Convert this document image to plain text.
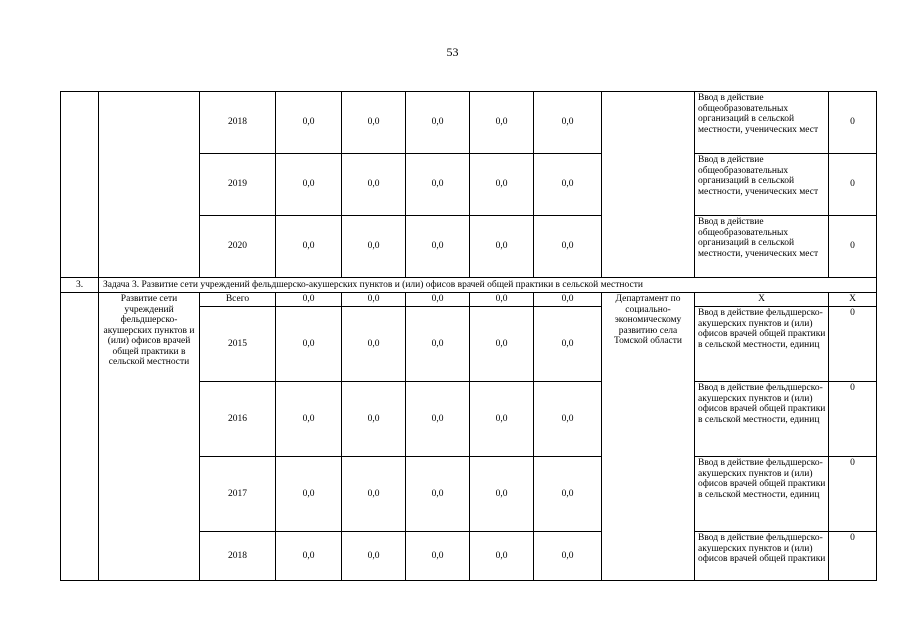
53
		2018	0,0	0,0	0,0	0,0	0,0		Ввод в действие общеобразовательных организаций в сельской местности, ученических мест	0
		2019	0,0	0,0	0,0	0,0	0,0		Ввод в действие общеобразовательных организаций в сельской местности, ученических мест	0
		2020	0,0	0,0	0,0	0,0	0,0		Ввод в действие общеобразовательных организаций в сельской местности, ученических мест	0
3.	Задача 3. Развитие сети учреждений фельдшерско-акушерских пунктов и (или) офисов врачей общей практики в сельской местности									
	Развитие сети учреждений фельдшерско-акушерских пунктов и (или) офисов врачей общей практики в сельской местности	Всего	0,0	0,0	0,0	0,0	0,0	Департамент по социально-экономическому развитию села Томской области	Х	Х
		2015	0,0	0,0	0,0	0,0	0,0		Ввод в действие фельдшерско-акушерских пунктов и (или) офисов врачей общей практики в сельской местности, единиц	0
		2016	0,0	0,0	0,0	0,0	0,0		Ввод в действие фельдшерско-акушерских пунктов и (или) офисов врачей общей практики в сельской местности, единиц	0
		2017	0,0	0,0	0,0	0,0	0,0		Ввод в действие фельдшерско-акушерских пунктов и (или) офисов врачей общей практики в сельской местности, единиц	0
		2018	0,0	0,0	0,0	0,0	0,0		Ввод в действие фельдшерско-акушерских пунктов и (или) офисов врачей общей практики	0
